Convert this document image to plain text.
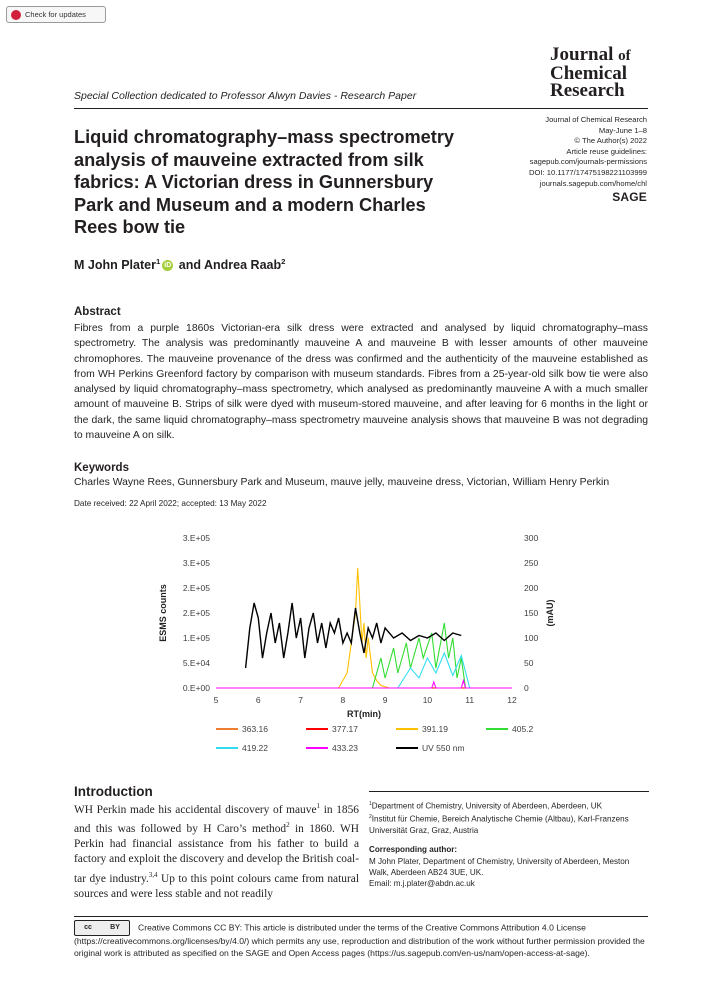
Check for updates
Journal of
Chemical
Research
Special Collection dedicated to Professor Alwyn Davies - Research Paper
Liquid chromatography–mass spectrometry analysis of mauveine extracted from silk fabrics: A Victorian dress in Gunnersbury Park and Museum and a modern Charles Rees bow tie
Journal of Chemical Research
May-June 1–8
© The Author(s) 2022
Article reuse guidelines:
sagepub.com/journals-permissions
DOI: 10.1177/17475198221103999
journals.sagepub.com/home/chl
SAGE
M John Plater$^1$ iD and Andrea Raab$^2$
Abstract
Fibres from a purple 1860s Victorian-era silk dress were extracted and analysed by liquid chromatography–mass spectrometry. The analysis was predominantly mauveine A and mauveine B with lesser amounts of other mauveine chromophores. The mauveine provenance of the dress was confirmed and the authenticity of the mauveine established as from WH Perkins Greenford factory by comparison with museum standards. Fibres from a 25-year-old silk bow tie were also analysed by liquid chromatography–mass spectrometry, which analysed as predominantly mauveine A with a much smaller amount of mauveine B. Strips of silk were dyed with museum-stored mauveine, and after leaving for 6 months in the light or the dark, the same liquid chromatography–mass spectrometry mauveine analysis shows that mauveine B was not degrading to mauveine A on silk.
Keywords
Charles Wayne Rees, Gunnersbury Park and Museum, mauve jelly, mauveine dress, Victorian, William Henry Perkin
Date received: 22 April 2022; accepted: 13 May 2022
0.E+00
5.E+04
1.E+05
2.E+05
2.E+05
3.E+05
3.E+05
0
50
100
150
200
250
300
5	6	7	8	9	10	11	12
RT(min)
ESMS counts	(mAU)
363.16	377.17	391.19	405.2
419.22	433.23	UV 550 nm
Introduction
WH Perkin made his accidental discovery of mauve$^1$ in 1856 and this was followed by H Caro’s method$^2$ in 1860. WH Perkin had financial assistance from his father to build a factory and exploit the discovery and develop the British coal-tar dye industry.$^{3,4}$ Up to this point colours came from natural sources and were less stable and not readily
$^1$Department of Chemistry, University of Aberdeen, Aberdeen, UK
$^2$Institut für Chemie, Bereich Analytische Chemie (Altbau), Karl-Franzens Universität Graz, Graz, Austria
Corresponding author:
M John Plater, Department of Chemistry, University of Aberdeen, Meston Walk, Aberdeen AB24 3UE, UK.
Email: m.j.plater@abdn.ac.uk
cc	BY Creative Commons CC BY: This article is distributed under the terms of the Creative Commons Attribution 4.0 License (https://creativecommons.org/licenses/by/4.0/) which permits any use, reproduction and distribution of the work without further permission provided the original work is attributed as specified on the SAGE and Open Access pages (https://us.sagepub.com/en-us/nam/open-access-at-sage).
